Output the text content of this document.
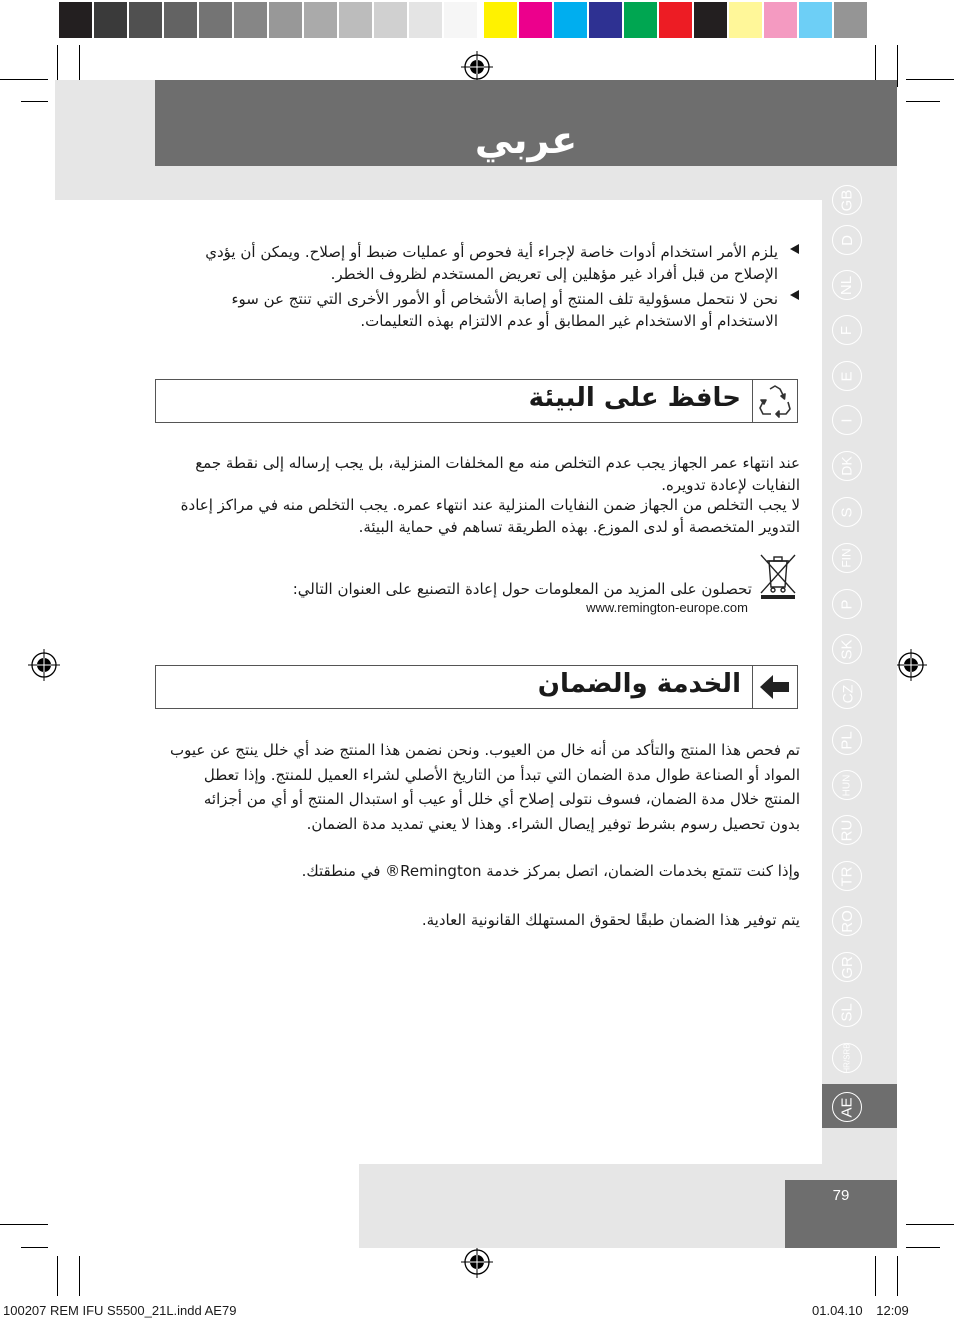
عربي
GB
D
NL
F
E
I
DK
S
FIN
P
SK
CZ
PL
HUN
RU
TR
RO
GR
SL
HR/SRB
AE
يلزم الأمر استخدام أدوات خاصة لإجراء أية فحوص أو عمليات ضبط أو إصلاح. ويمكن أن يؤدي الإصلاح من قبل أفراد غير مؤهلين إلى تعريض المستخدم لظروف الخطر.
نحن لا نتحمل مسؤولية تلف المنتج أو إصابة الأشخاص أو الأمور الأخرى التي تنتج عن سوء الاستخدام أو الاستخدام غير المطابق أو عدم الالتزام بهذه التعليمات.
حافظ على البيئة
عند انتهاء عمر الجهاز يجب عدم التخلص منه مع المخلفات المنزلية، بل يجب إرساله إلى نقطة جمع النفايات لإعادة تدويره.
لا يجب التخلص من الجهاز ضمن النفايات المنزلية عند انتهاء عمره. يجب التخلص منه في مراكز إعادة التدوير المتخصصة أو لدى الموزع. بهذه الطريقة تساهم في حماية البيئة.
تحصلون على المزيد من المعلومات حول إعادة التصنيع على العنوان التالي:
www.remington-europe.com
الخدمة والضمان
تم فحص هذا المنتج والتأكد من أنه خال من العيوب. ونحن نضمن هذا المنتج ضد أي خلل ينتج عن عيوب المواد أو الصناعة طوال مدة الضمان التي تبدأ من التاريخ الأصلي لشراء العميل للمنتج. وإذا تعطل المنتج خلال مدة الضمان، فسوف نتولى إصلاح أي خلل أو عيب أو استبدال المنتج أو أي من أجزائه بدون تحصيل رسوم بشرط توفير إيصال الشراء. وهذا لا يعني تمديد مدة الضمان.
وإذا كنت تتمتع بخدمات الضمان، اتصل بمركز خدمة Remington® في منطقتك.
يتم توفير هذا الضمان طبقًا لحقوق المستهلك القانونية العادية.
79
100207 REM IFU S5500_21L.indd AE79	01.04.10 12:09
